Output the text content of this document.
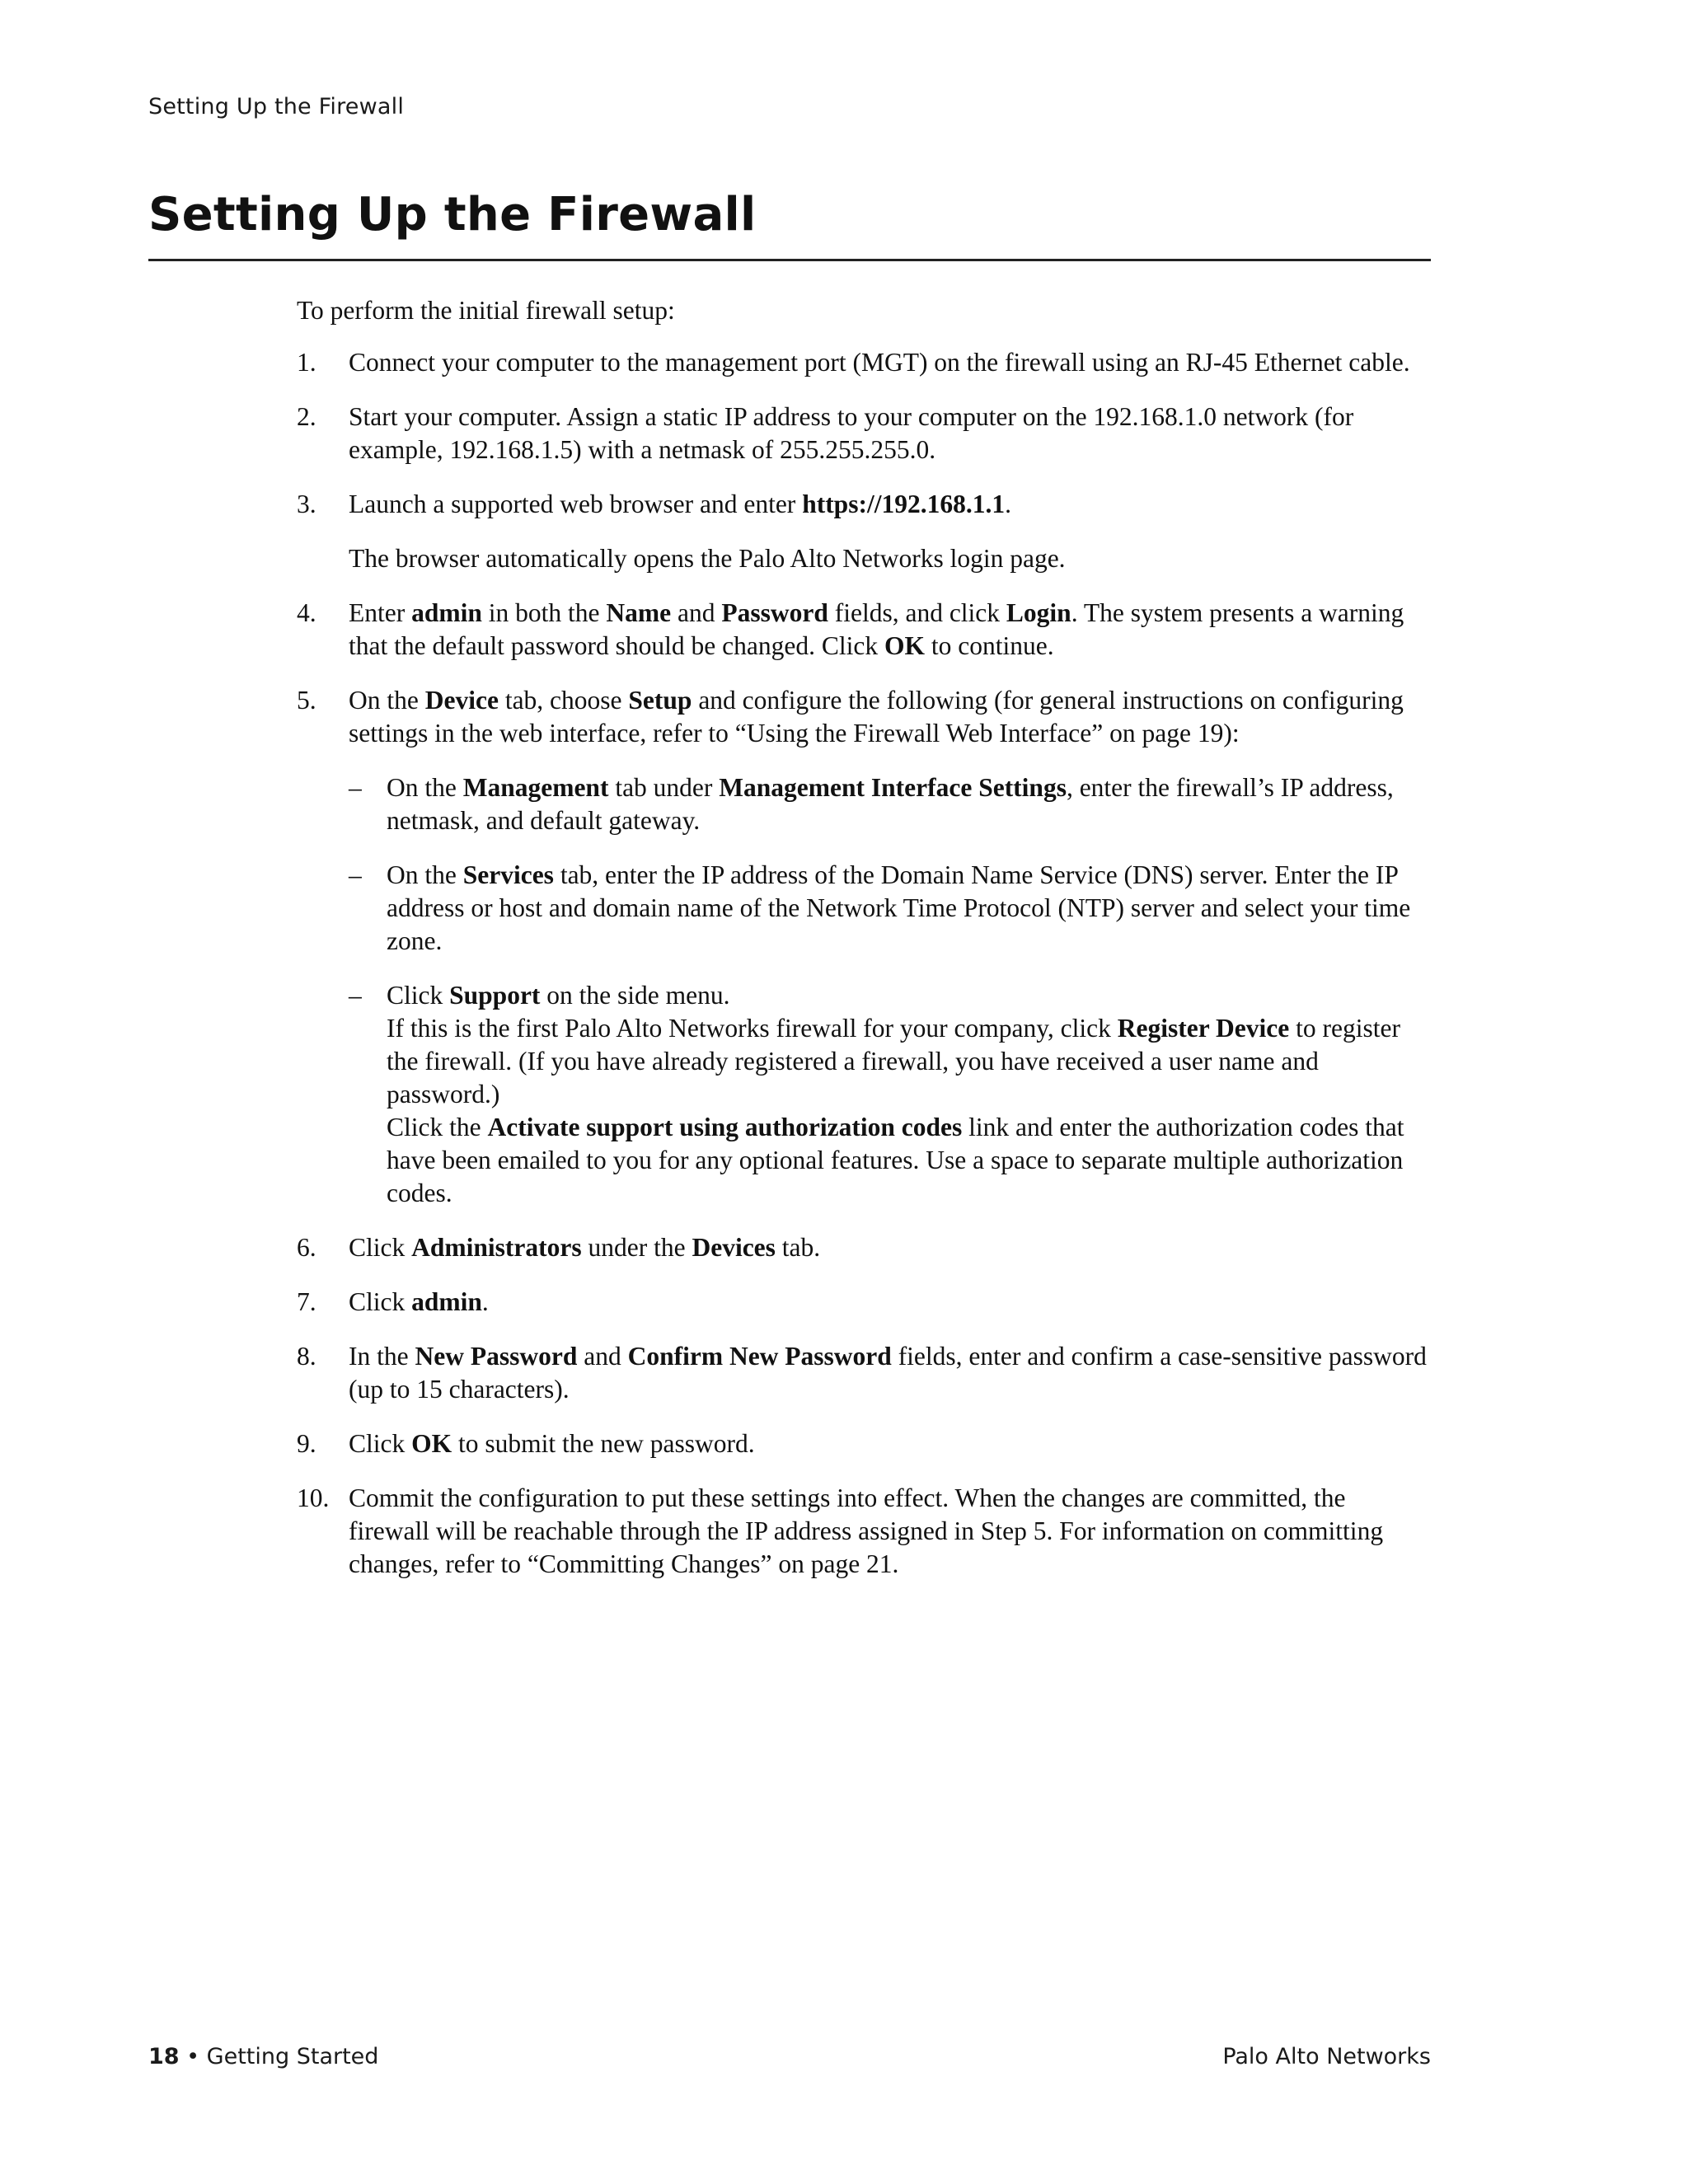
Setting Up the Firewall
Setting Up the Firewall

To perform the initial firewall setup:

1. Connect your computer to the management port (MGT) on the firewall using an RJ-45 Ethernet cable.

2. Start your computer. Assign a static IP address to your computer on the 192.168.1.0 network (for example, 192.168.1.5) with a netmask of 255.255.255.0.

3. Launch a supported web browser and enter https://192.168.1.1.

The browser automatically opens the Palo Alto Networks login page.

4. Enter admin in both the Name and Password fields, and click Login. The system presents a warning that the default password should be changed. Click OK to continue.

5. On the Device tab, choose Setup and configure the following (for general instructions on configuring settings in the web interface, refer to “Using the Firewall Web Interface” on page 19):

– On the Management tab under Management Interface Settings, enter the firewall’s IP address, netmask, and default gateway.

– On the Services tab, enter the IP address of the Domain Name Service (DNS) server. Enter the IP address or host and domain name of the Network Time Protocol (NTP) server and select your time zone.

– Click Support on the side menu.

If this is the first Palo Alto Networks firewall for your company, click Register Device to register the firewall. (If you have already registered a firewall, you have received a user name and password.)

Click the Activate support using authorization codes link and enter the authorization codes that have been emailed to you for any optional features. Use a space to separate multiple authorization codes.

6. Click Administrators under the Devices tab.

7. Click admin.

8. In the New Password and Confirm New Password fields, enter and confirm a case-sensitive password (up to 15 characters).

9. Click OK to submit the new password.

10. Commit the configuration to put these settings into effect. When the changes are committed, the firewall will be reachable through the IP address assigned in Step 5. For information on committing changes, refer to “Committing Changes” on page 21.

18 • Getting Started	Palo Alto Networks
